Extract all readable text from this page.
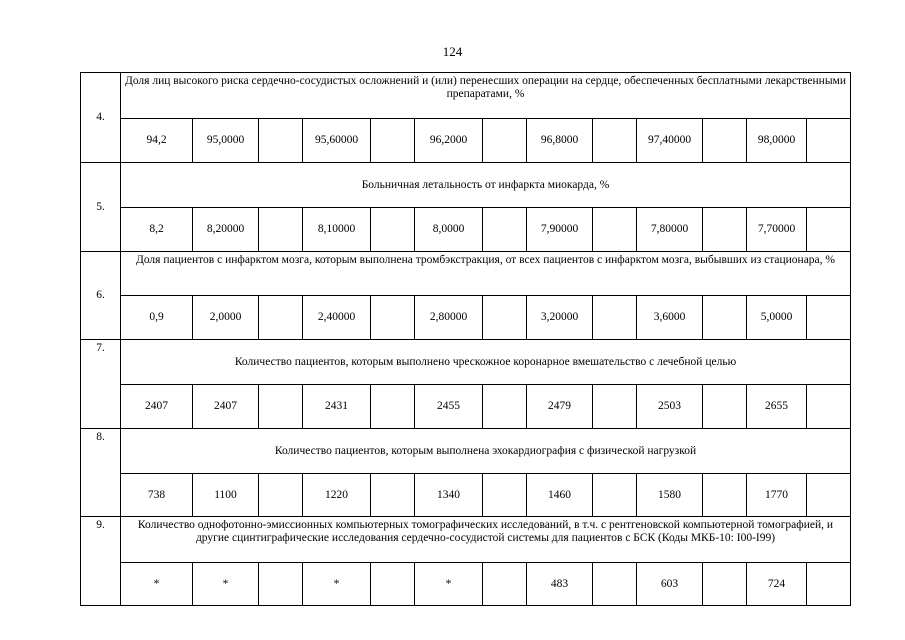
124
4.	Доля лиц высокого риска сердечно-сосудистых осложнений и (или) перенесших операции на сердце, обеспеченных бесплатными лекарственными препаратами, %												
	94,2	95,0000		95,60000		96,2000		96,8000		97,40000		98,0000	
5.	Больничная летальность от инфаркта миокарда, %												
	8,2	8,20000		8,10000		8,0000		7,90000		7,80000		7,70000	
6.	Доля пациентов с инфарктом мозга, которым выполнена тромбэкстракция, от всех пациентов с инфарктом мозга, выбывших из стационара, %												
	0,9	2,0000		2,40000		2,80000		3,20000		3,6000		5,0000	
7.	Количество пациентов, которым выполнено чрескожное коронарное вмешательство с лечебной целью												
	2407	2407		2431		2455		2479		2503		2655	
8.	Количество пациентов, которым выполнена эхокардиография с физической нагрузкой												
	738	1100		1220		1340		1460		1580		1770	
9.	Количество однофотонно-эмиссионных компьютерных томографических исследований, в т.ч. с рентгеновской компьютерной томографией, и другие сцинтиграфические исследования сердечно-сосудистой системы для пациентов с БСК (Коды МКБ-10: I00-I99)												
	*	*		*		*		483		603		724	
